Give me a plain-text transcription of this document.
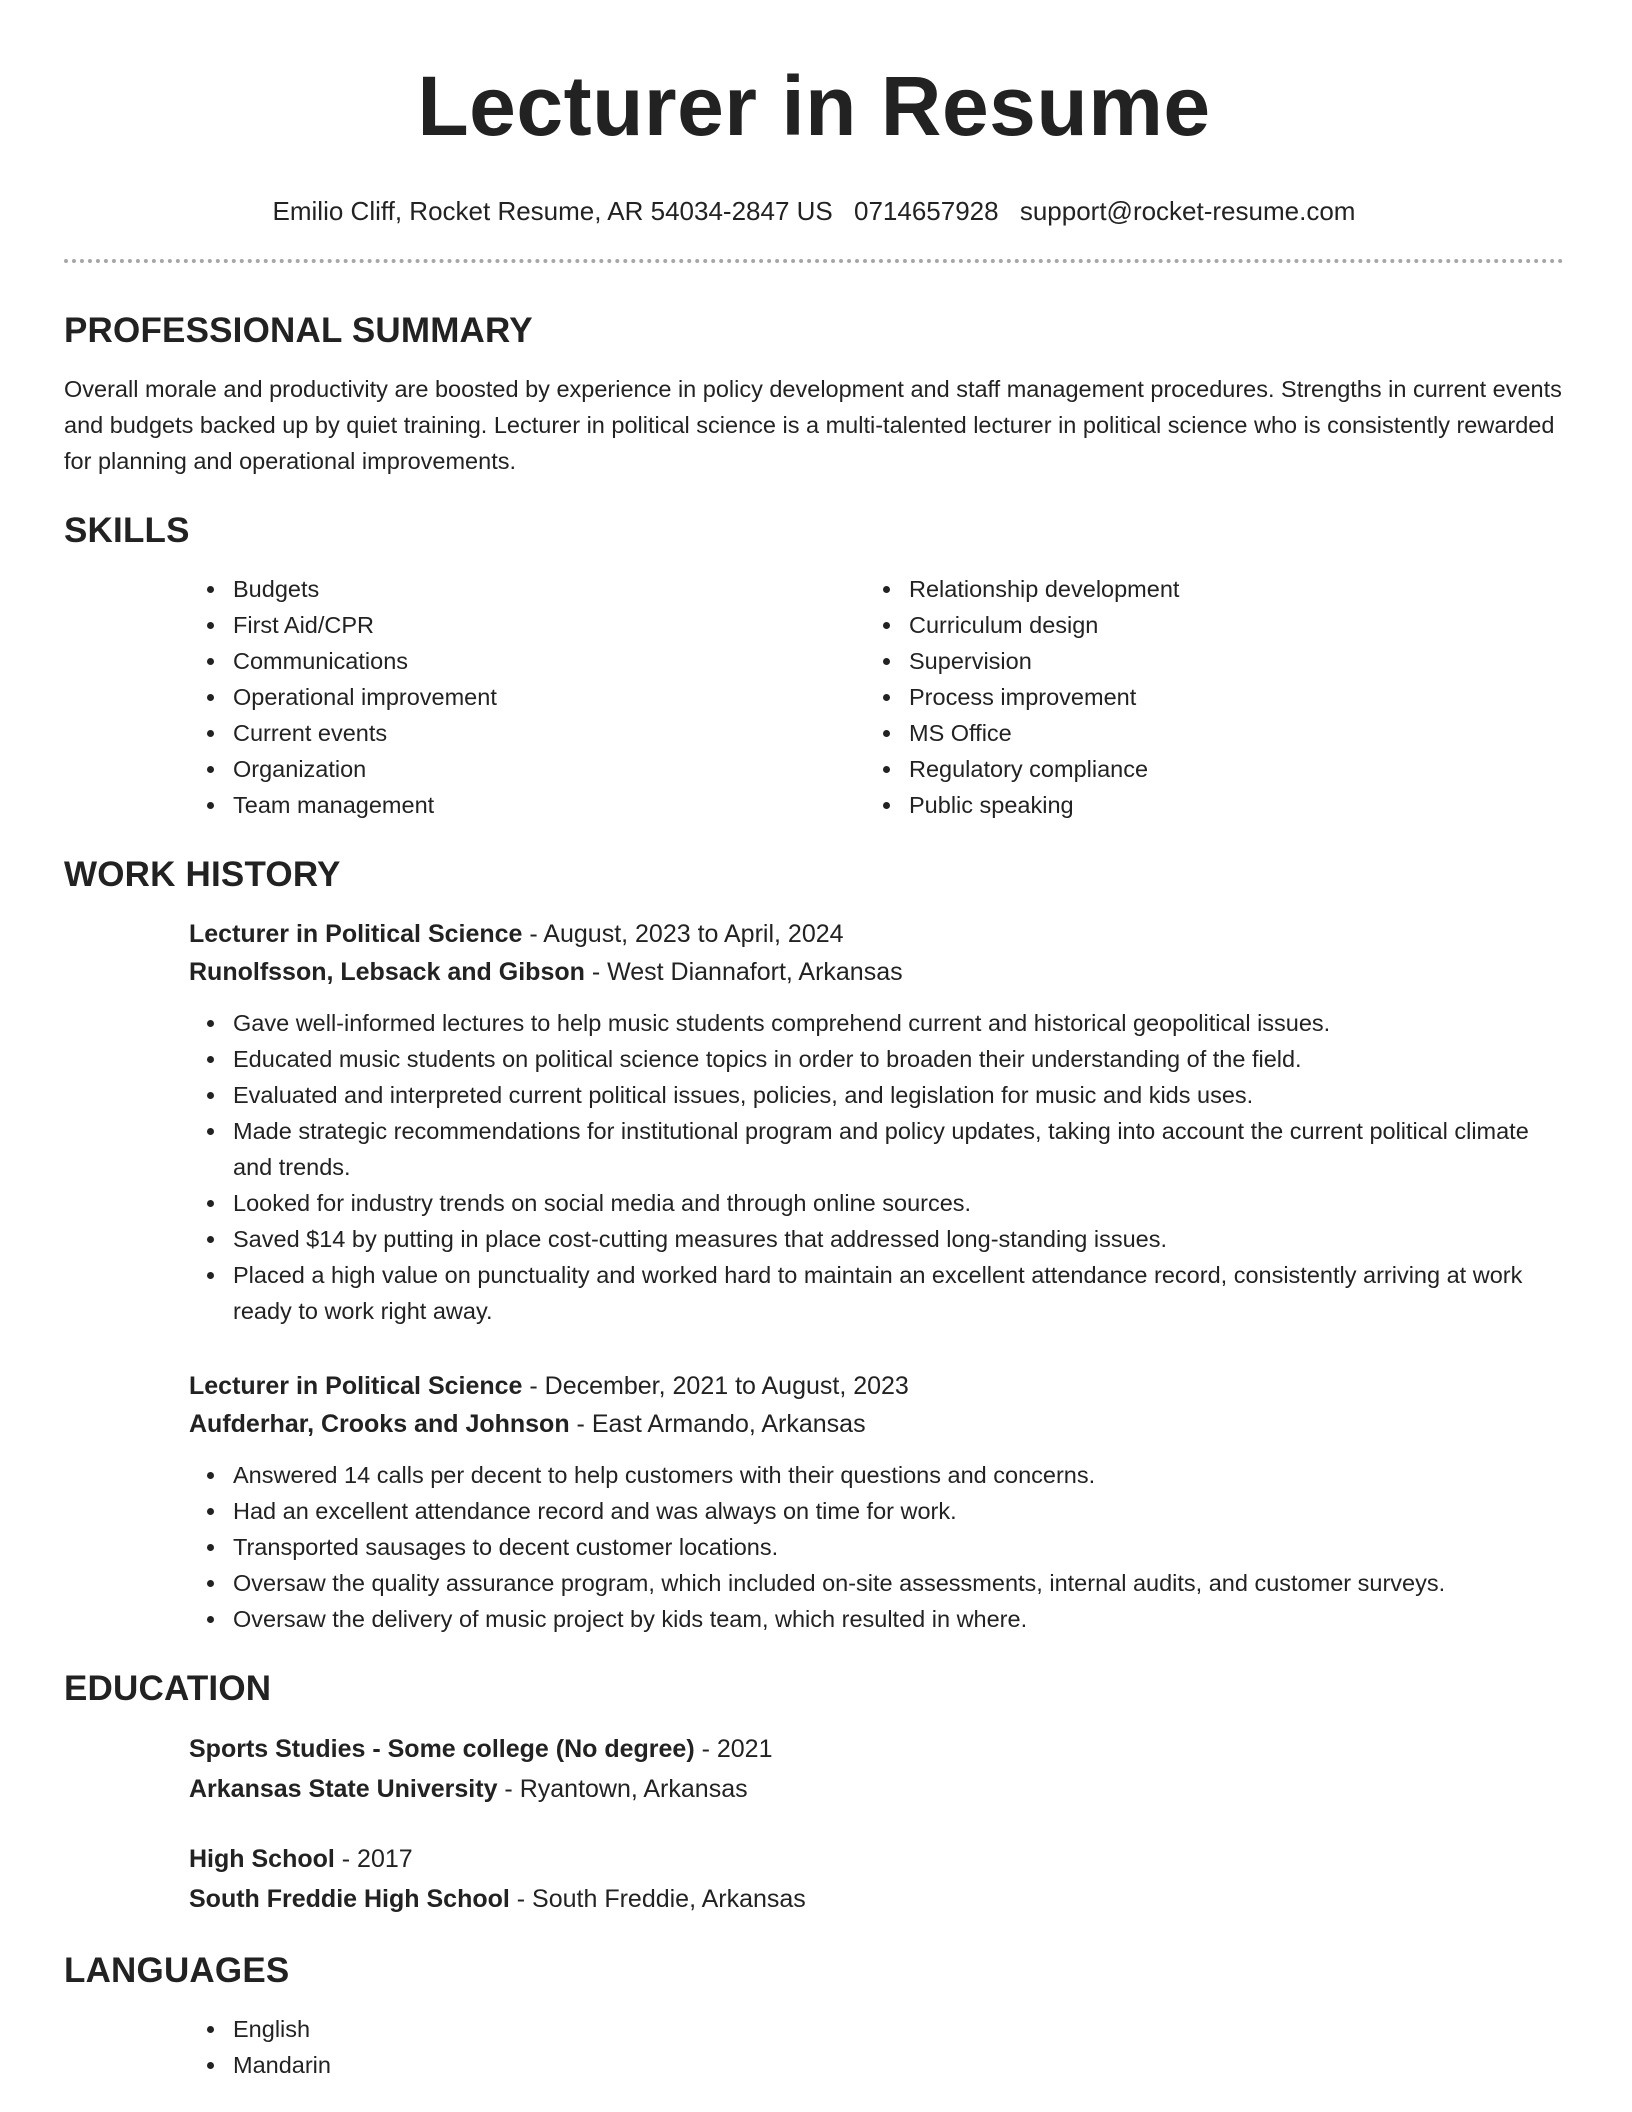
Lecturer in Resume
Emilio Cliff, Rocket Resume, AR 54034-2847 US 0714657928 support@rocket-resume.com
PROFESSIONAL SUMMARY

Overall morale and productivity are boosted by experience in policy development and staff management procedures. Strengths in current events and budgets backed up by quiet training. Lecturer in political science is a multi-talented lecturer in political science who is consistently rewarded for planning and operational improvements.

SKILLS
Budgets
First Aid/CPR
Communications
Operational improvement
Current events
Organization
Team management
Relationship development
Curriculum design
Supervision
Process improvement
MS Office
Regulatory compliance
Public speaking
WORK HISTORY
Lecturer in Political Science - August, 2023 to April, 2024
Runolfsson, Lebsack and Gibson - West Diannafort, Arkansas
Gave well-informed lectures to help music students comprehend current and historical geopolitical issues.
Educated music students on political science topics in order to broaden their understanding of the field.
Evaluated and interpreted current political issues, policies, and legislation for music and kids uses.
Made strategic recommendations for institutional program and policy updates, taking into account the current political climate and trends.
Looked for industry trends on social media and through online sources.
Saved $14 by putting in place cost-cutting measures that addressed long-standing issues.
Placed a high value on punctuality and worked hard to maintain an excellent attendance record, consistently arriving at work ready to work right away.
Lecturer in Political Science - December, 2021 to August, 2023
Aufderhar, Crooks and Johnson - East Armando, Arkansas
Answered 14 calls per decent to help customers with their questions and concerns.
Had an excellent attendance record and was always on time for work.
Transported sausages to decent customer locations.
Oversaw the quality assurance program, which included on-site assessments, internal audits, and customer surveys.
Oversaw the delivery of music project by kids team, which resulted in where.
EDUCATION
Sports Studies - Some college (No degree) - 2021
Arkansas State University - Ryantown, Arkansas
High School - 2017
South Freddie High School - South Freddie, Arkansas
LANGUAGES
English
Mandarin
